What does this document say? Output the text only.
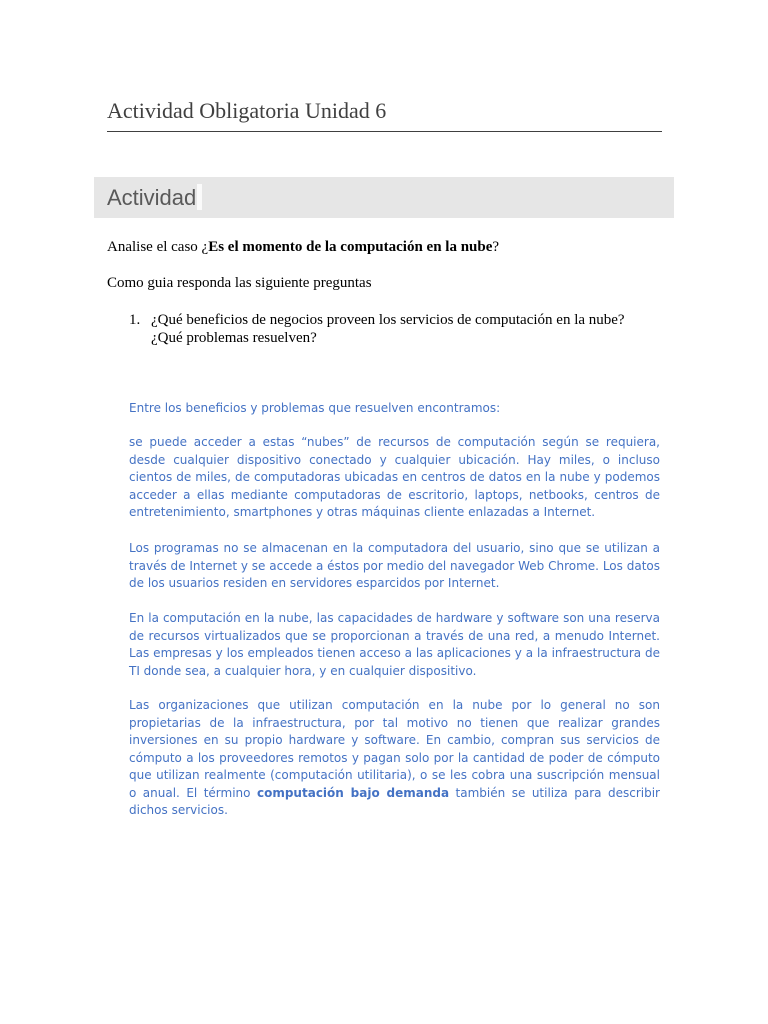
Actividad Obligatoria Unidad 6
Actividad
Analise el caso ¿Es el momento de la computación en la nube?
Como guia responda las siguiente preguntas
1. ¿Qué beneficios de negocios proveen los servicios de computación en la nube? ¿Qué problemas resuelven?
Entre los beneficios y problemas que resuelven encontramos:
se puede acceder a estas “nubes” de recursos de computación según se requiera, desde cualquier dispositivo conectado y cualquier ubicación. Hay miles, o incluso cientos de miles, de computadoras ubicadas en centros de datos en la nube y podemos acceder a ellas mediante computadoras de escritorio, laptops, netbooks, centros de entretenimiento, smartphones y otras máquinas cliente enlazadas a Internet.
Los programas no se almacenan en la computadora del usuario, sino que se utilizan a través de Internet y se accede a éstos por medio del navegador Web Chrome. Los datos de los usuarios residen en servidores esparcidos por Internet.
En la computación en la nube, las capacidades de hardware y software son una reserva de recursos virtualizados que se proporcionan a través de una red, a menudo Internet. Las empresas y los empleados tienen acceso a las aplicaciones y a la infraestructura de TI donde sea, a cualquier hora, y en cualquier dispositivo.
Las organizaciones que utilizan computación en la nube por lo general no son propietarias de la infraestructura, por tal motivo no tienen que realizar grandes inversiones en su propio hardware y software. En cambio, compran sus servicios de cómputo a los proveedores remotos y pagan solo por la cantidad de poder de cómputo que utilizan realmente (computación utilitaria), o se les cobra una suscripción mensual o anual. El término computación bajo demanda también se utiliza para describir dichos servicios.
